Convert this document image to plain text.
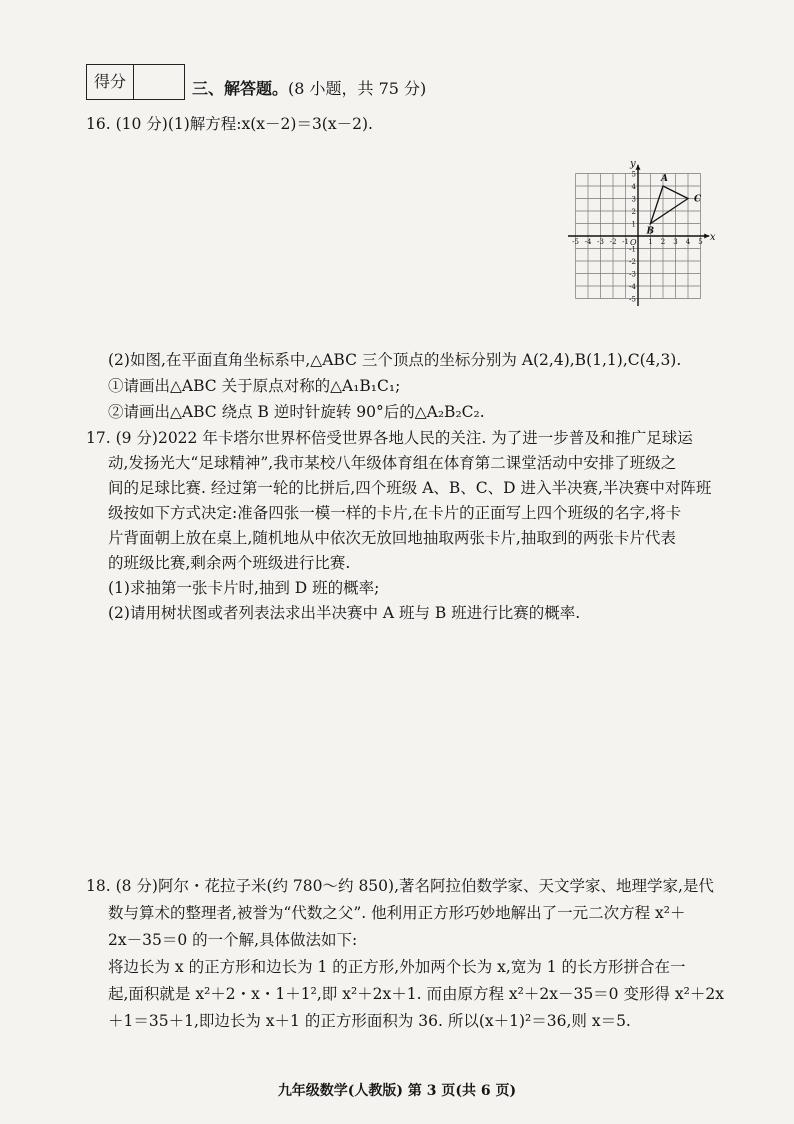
得分	三、解答题。(8 小题，共 75 分)
16. (10 分)(1)解方程:x(x－2)＝3(x－2).
x
y
O
-5 -4 -3 -2 -1	1 2 3 4 5
5
4
3
2
1
-1
-2
-3
-4
-5
A
B
C
(2)如图,在平面直角坐标系中,△ABC 三个顶点的坐标分别为 A(2,4),B(1,1),C(4,3).
①请画出△ABC 关于原点对称的△A₁B₁C₁;
②请画出△ABC 绕点 B 逆时针旋转 90°后的△A₂B₂C₂.
17. (9 分)2022 年卡塔尔世界杯倍受世界各地人民的关注. 为了进一步普及和推广足球运
动,发扬光大“足球精神”,我市某校八年级体育组在体育第二课堂活动中安排了班级之
间的足球比赛. 经过第一轮的比拼后,四个班级 A、B、C、D 进入半决赛,半决赛中对阵班
级按如下方式决定:准备四张一模一样的卡片,在卡片的正面写上四个班级的名字,将卡
片背面朝上放在桌上,随机地从中依次无放回地抽取两张卡片,抽取到的两张卡片代表
的班级比赛,剩余两个班级进行比赛.
(1)求抽第一张卡片时,抽到 D 班的概率;
(2)请用树状图或者列表法求出半决赛中 A 班与 B 班进行比赛的概率.
18. (8 分)阿尔・花拉子米(约 780～约 850),著名阿拉伯数学家、天文学家、地理学家,是代
数与算术的整理者,被誉为“代数之父”. 他利用正方形巧妙地解出了一元二次方程 x²＋
2x－35＝0 的一个解,具体做法如下:
将边长为 x 的正方形和边长为 1 的正方形,外加两个长为 x,宽为 1 的长方形拼合在一
起,面积就是 x²＋2・x・1＋1²,即 x²＋2x＋1. 而由原方程 x²＋2x－35＝0 变形得 x²＋2x
＋1＝35＋1,即边长为 x＋1 的正方形面积为 36. 所以(x＋1)²＝36,则 x＝5.
九年级数学(人教版) 第 3 页(共 6 页)
